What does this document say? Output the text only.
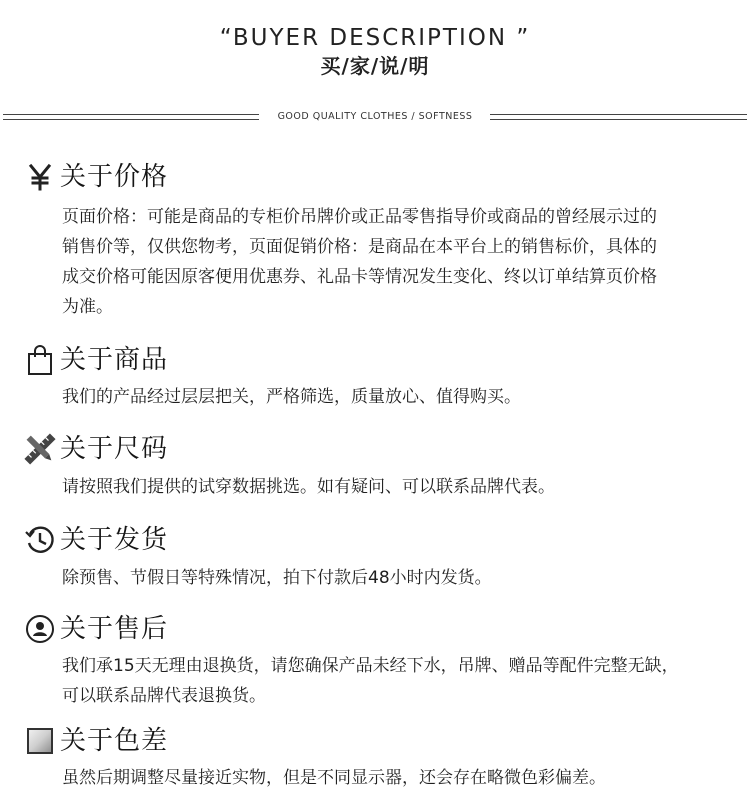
“BUYER DESCRIPTION ”
买/家/说/明
GOOD QUALITY CLOTHES / SOFTNESS
关于价格

页面价格：可能是商品的专柜价吊牌价或正品零售指导价或商品的曾经展示过的

销售价等，仅供您物考，页面促销价格：是商品在本平台上的销售标价，具体的

成交价格可能因原客便用优惠券、礼品卡等情况发生变化、终以订单结算页价格

为准。

关于商品

我们的产品经过层层把关，严格筛选，质量放心、值得购买。

关于尺码

请按照我们提供的试穿数据挑选。如有疑问、可以联系品牌代表。

关于发货

除预售、节假日等特殊情况，拍下付款后48小时内发货。

关于售后

我们承15天无理由退换货，请您确保产品未经下水，吊牌、赠品等配件完整无缺，

可以联系品牌代表退换货。

关于色差

虽然后期调整尽量接近实物，但是不同显示器，还会存在略微色彩偏差。
